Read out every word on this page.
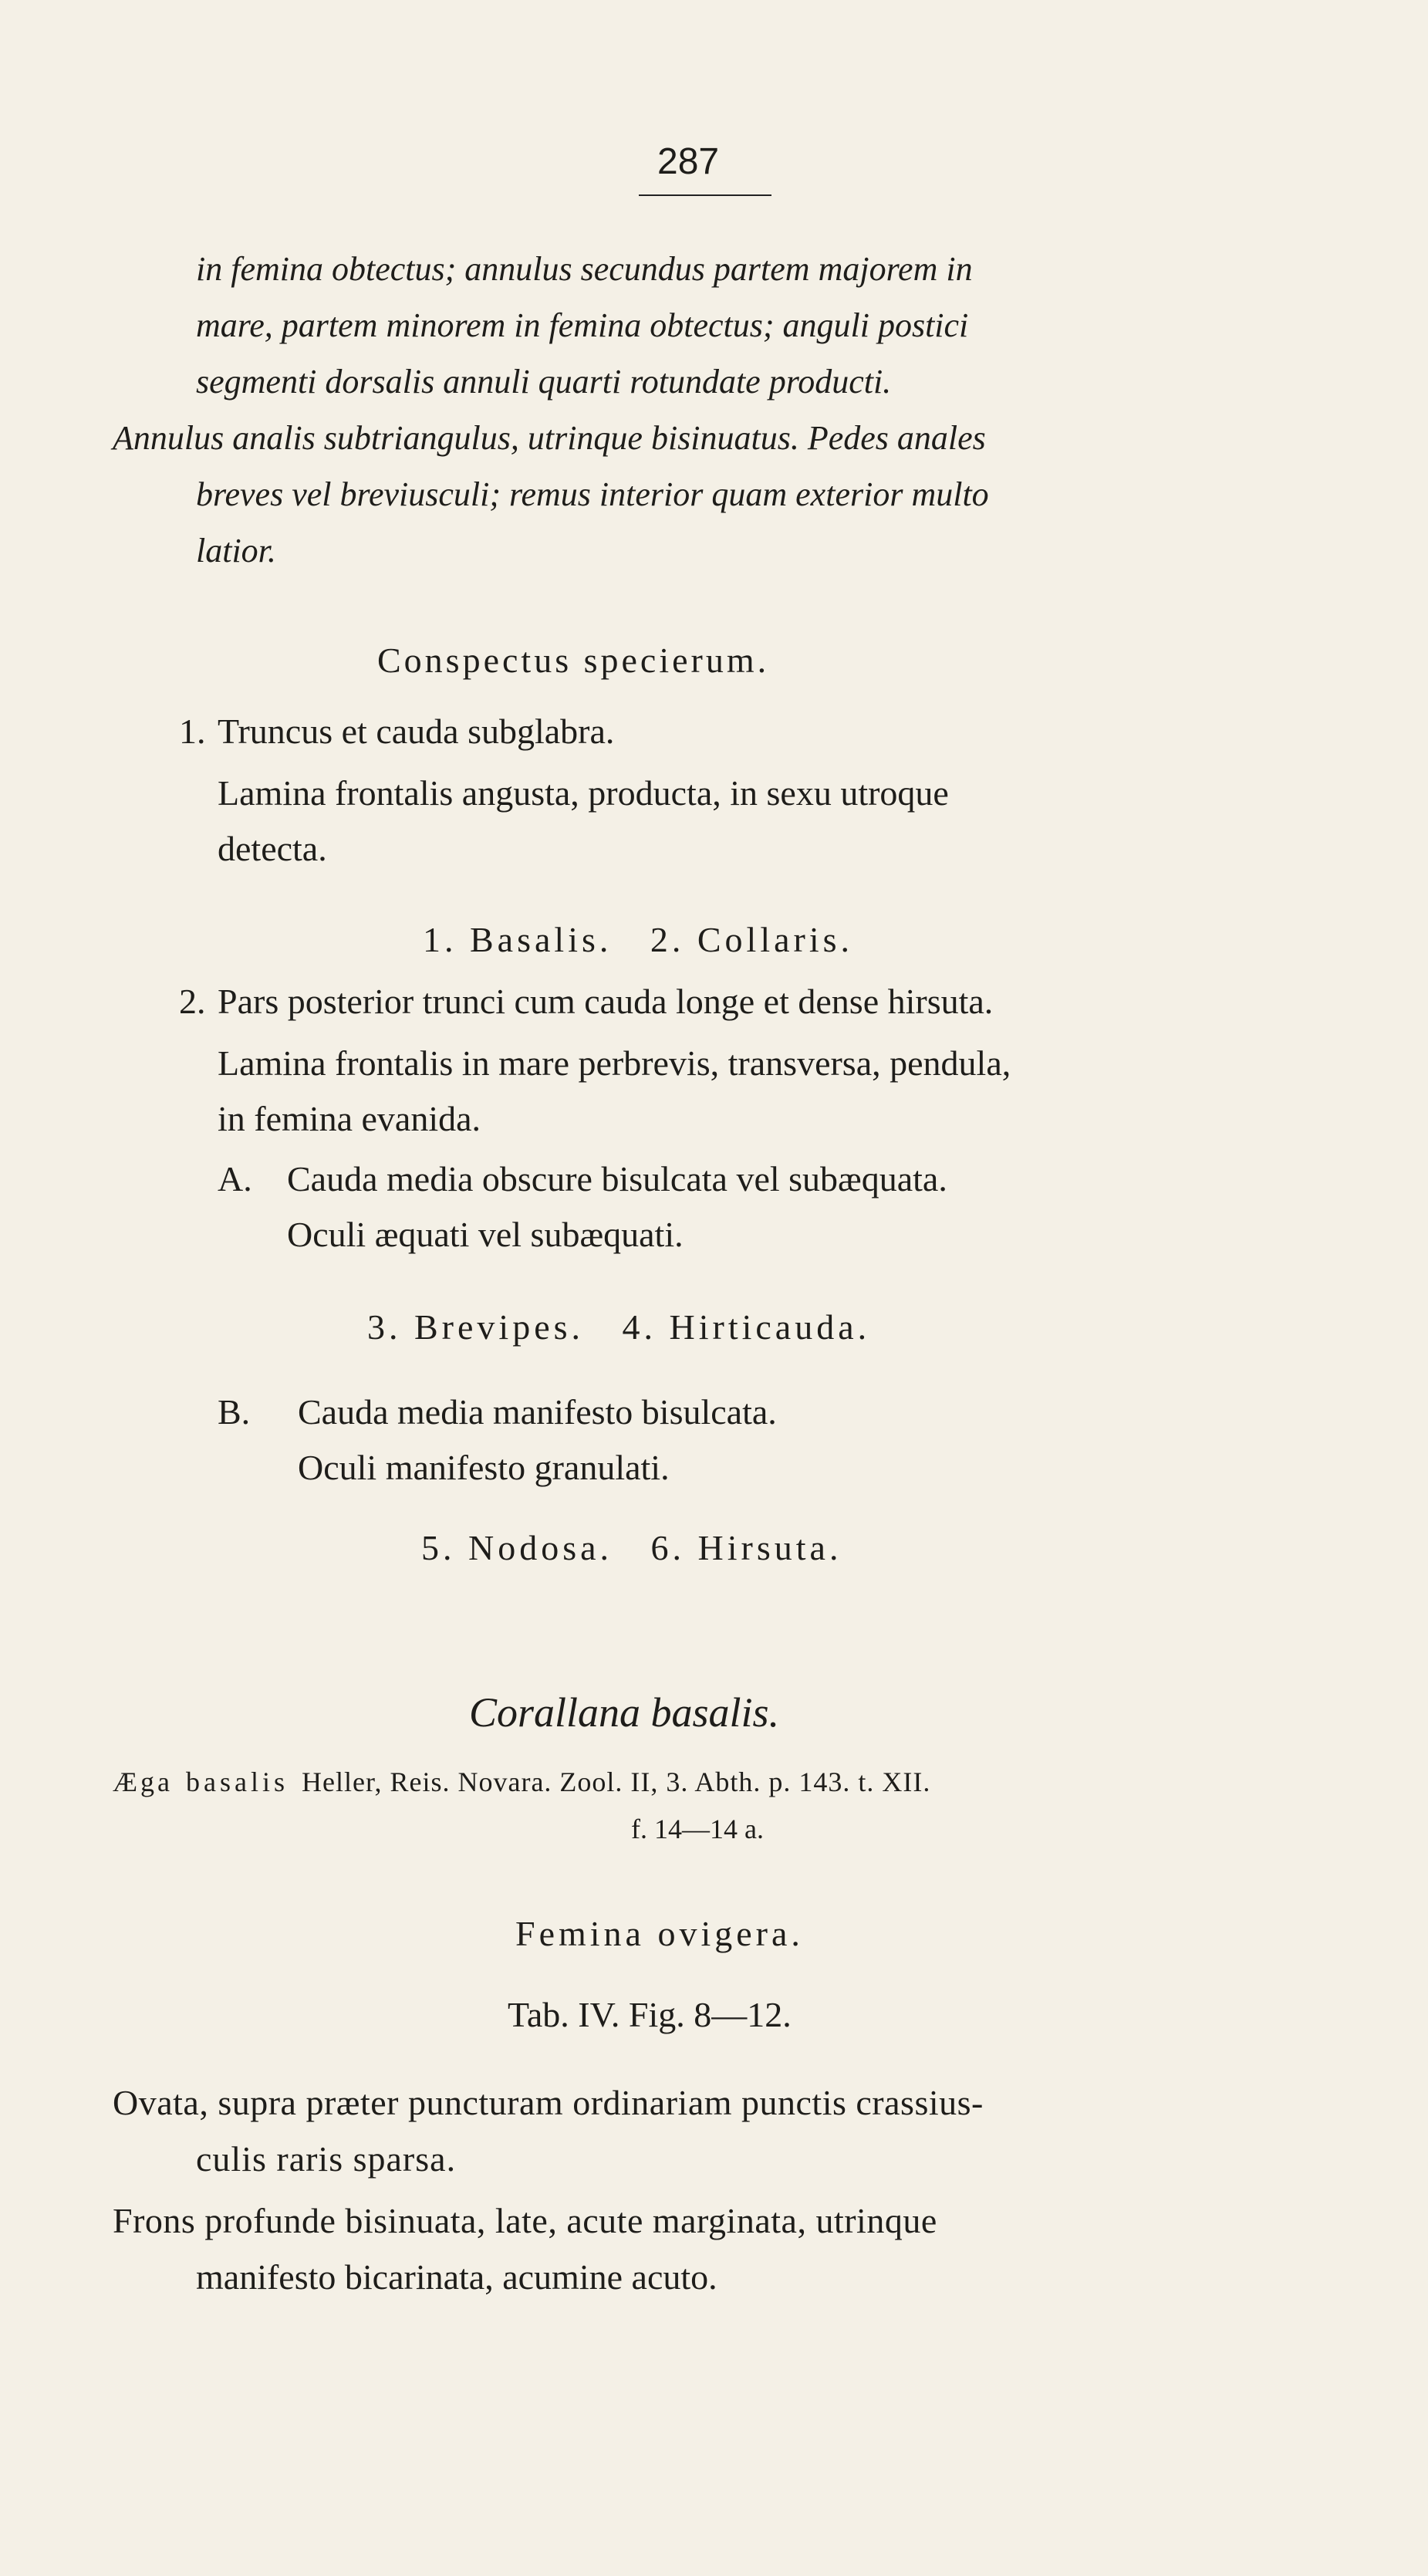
287
in femina obtectus; annulus secundus partem majorem in
mare, partem minorem in femina obtectus; anguli postici
segmenti dorsalis annuli quarti rotundate producti.
Annulus analis subtriangulus, utrinque bisinuatus. Pedes anales
breves vel breviusculi; remus interior quam exterior multo
latior.
Conspectus specierum.
1. Truncus et cauda subglabra.
Lamina frontalis angusta, producta, in sexu utroque
detecta.
1. Basalis.   2. Collaris.
2. Pars posterior trunci cum cauda longe et dense hirsuta.
Lamina frontalis in mare perbrevis, transversa, pendula,
in femina evanida.
A. Cauda media obscure bisulcata vel subæquata.
Oculi æquati vel subæquati.
3. Brevipes.   4. Hirticauda.
B. Cauda media manifesto bisulcata.
Oculi manifesto granulati.
5. Nodosa.   6. Hirsuta.
Corallana basalis.
Æga basalis Heller, Reis. Novara. Zool. II, 3. Abth. p. 143. t. XII.
f. 14—14 a.
Femina ovigera.
Tab. IV. Fig. 8—12.
Ovata, supra præter puncturam ordinariam punctis crassius-
culis raris sparsa.
Frons profunde bisinuata, late, acute marginata, utrinque
manifesto bicarinata, acumine acuto.
